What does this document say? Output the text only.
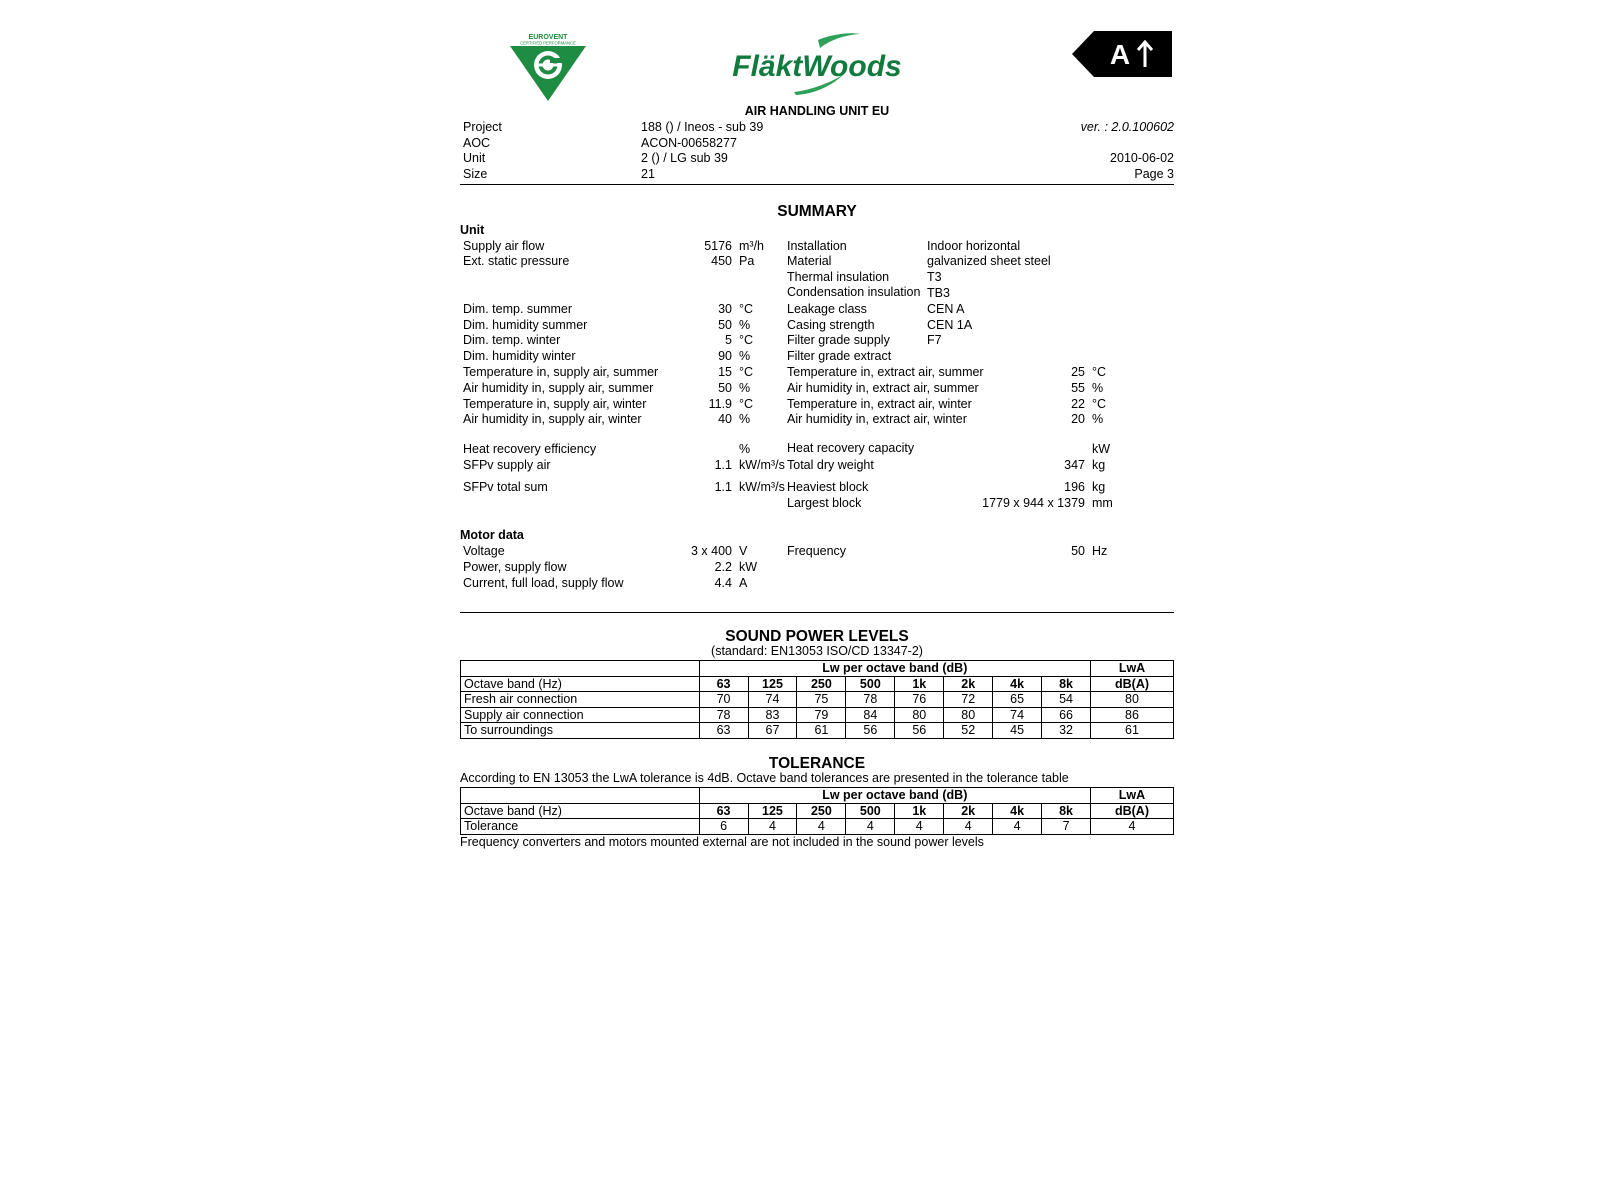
EUROVENT
CERTIFIED PERFORMANCE
FläktWoods	A
AIR HANDLING UNIT EU
Project	188 () / Ineos - sub 39	ver. : 2.0.100602
AOC	ACON-00658277
Unit	2 () / LG sub 39	2010-06-02
Size	21	Page 3
SUMMARY
Unit
Supply air flow	5176 m³/h	Installation	Indoor horizontal
Ext. static pressure	450 Pa	Material	galvanized sheet steel
Thermal insulation	T3
Condensation insulation TB3
Dim. temp. summer	30 °C	Leakage class	CEN A
Dim. humidity summer	50 %	Casing strength	CEN 1A
Dim. temp. winter	5 °C	Filter grade supply	F7
Dim. humidity winter	90 %	Filter grade extract
Temperature in, supply air, summer	15 °C	Temperature in, extract air, summer	25 °C
Air humidity in, supply air, summer	50 %	Air humidity in, extract air, summer	55 %
Temperature in, supply air, winter	11.9 °C	Temperature in, extract air, winter	22 °C
Air humidity in, supply air, winter	40 %	Air humidity in, extract air, winter	20 %
Heat recovery efficiency	%	Heat recovery capacity	kW
SFPv supply air	1.1 kW/m³/s Total dry weight	347 kg
SFPv total sum	1.1 kW/m³/s Heaviest block	196 kg
Largest block	1779 x 944 x 1379 mm
Motor data
Voltage	3 x 400 V	Frequency	50 Hz
Power, supply flow	2.2 kW
Current, full load, supply flow	4.4 A
SOUND POWER LEVELS
(standard: EN13053 ISO/CD 13347-2)
	Lw per octave band (dB)								LwA
Octave band (Hz)	63	125	250	500	1k	2k	4k	8k	dB(A)
Fresh air connection	70	74	75	78	76	72	65	54	80
Supply air connection	78	83	79	84	80	80	74	66	86
To surroundings	63	67	61	56	56	52	45	32	61
TOLERANCE
According to EN 13053 the LwA tolerance is 4dB. Octave band tolerances are presented in the tolerance table
	Lw per octave band (dB)								LwA
Octave band (Hz)	63	125	250	500	1k	2k	4k	8k	dB(A)
Tolerance	6	4	4	4	4	4	4	7	4
Frequency converters and motors mounted external are not included in the sound power levels
